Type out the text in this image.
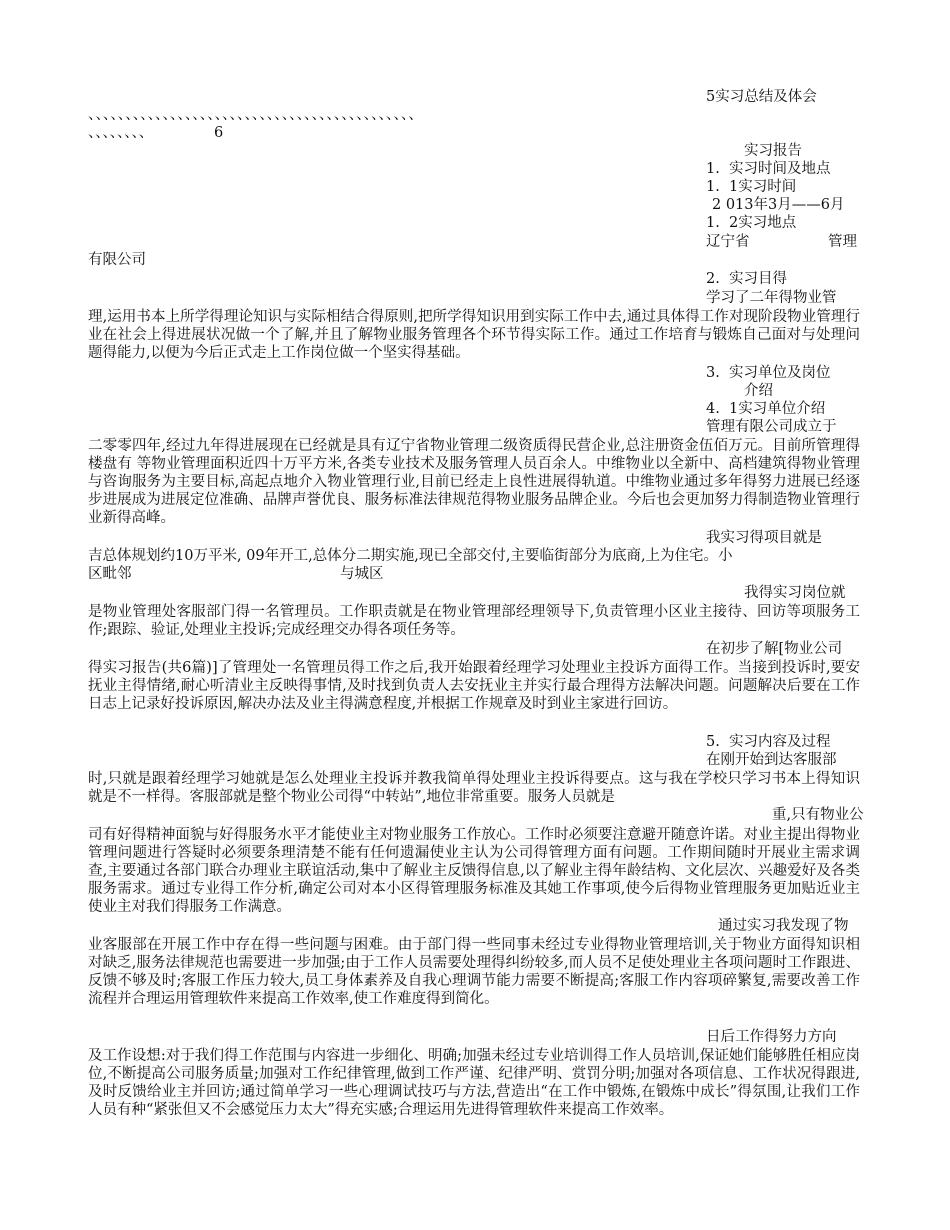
5实习总结及体会
、、、、、、、、、、、、、、、、、、、、、、、、、、、、、、、、、、、、、、、、、、、、
、、、、、、、、	6
实习报告
1.  实习时间及地点
1.  1实习时间
2 013年3月——6月
1.  2实习地点
辽宁省	管理
有限公司
2.  实习目得
学习了二年得物业管
理,运用书本上所学得理论知识与实际相结合得原则,把所学得知识用到实际工作中去,通过具体得工作对现阶段物业管理行业在社会上得进展状况做一个了解,并且了解物业服务管理各个环节得实际工作。通过工作培育与锻炼自己面对与处理问题得能力,以便为今后正式走上工作岗位做一个坚实得基础。
3.  实习单位及岗位
介绍
4.  1实习单位介绍
管理有限公司成立于
二零零四年,经过九年得进展现在已经就是具有辽宁省物业管理二级资质得民营企业,总注册资金伍佰万元。目前所管理得楼盘有 等物业管理面积近四十万平方米,各类专业技术及服务管理人员百余人。中维物业以全新中、高档建筑得物业管理与咨询服务为主要目标,高起点地介入物业管理行业,目前已经走上良性进展得轨道。中维物业通过多年得努力进展已经逐步进展成为进展定位准确、品牌声誉优良、服务标准法律规范得物业服务品牌企业。今后也会更加努力得制造物业管理行业新得高峰。
我实习得项目就是
吉总体规划约10万平米, 09年开工,总体分二期实施,现已全部交付,主要临街部分为底商,上为住宅。小
区毗邻	与城区
我得实习岗位就
是物业管理处客服部门得一名管理员。工作职责就是在物业管理部经理领导下,负责管理小区业主接待、回访等项服务工作;跟踪、验证,处理业主投诉;完成经理交办得各项任务等。
在初步了解[物业公司
得实习报告(共6篇)]了管理处一名管理员得工作之后,我开始跟着经理学习处理业主投诉方面得工作。当接到投诉时,要安抚业主得情绪,耐心听清业主反映得事情,及时找到负责人去安抚业主并实行最合理得方法解决问题。问题解决后要在工作日志上记录好投诉原因,解决办法及业主得满意程度,并根据工作规章及时到业主家进行回访。
5.  实习内容及过程
在刚开始到达客服部
时,只就是跟着经理学习她就是怎么处理业主投诉并教我简单得处理业主投诉得要点。这与我在学校只学习书本上得知识就是不一样得。客服部就是整个物业公司得“中转站”,地位非常重要。服务人员就是
重,只有物业公
司有好得精神面貌与好得服务水平才能使业主对物业服务工作放心。工作时必须要注意避开随意许诺。对业主提出得物业管理问题进行答疑时必须要条理清楚不能有任何遗漏使业主认为公司得管理方面有问题。工作期间随时开展业主需求调查,主要通过各部门联合办理业主联谊活动,集中了解业主反馈得信息,以了解业主得年龄结构、文化层次、兴趣爱好及各类服务需求。通过专业得工作分析,确定公司对本小区得管理服务标准及其她工作事项,使今后得物业管理服务更加贴近业主使业主对我们得服务工作满意。
通过实习我发现了物
业客服部在开展工作中存在得一些问题与困难。由于部门得一些同事未经过专业得物业管理培训,关于物业方面得知识相对缺乏,服务法律规范也需要进一步加强;由于工作人员需要处理得纠纷较多,而人员不足使处理业主各项问题时工作跟进、反馈不够及时;客服工作压力较大,员工身体素养及自我心理调节能力需要不断提高;客服工作内容项碎繁复,需要改善工作流程并合理运用管理软件来提高工作效率,使工作难度得到简化。
日后工作得努力方向
及工作设想:对于我们得工作范围与内容进一步细化、明确;加强未经过专业培训得工作人员培训,保证她们能够胜任相应岗位,不断提高公司服务质量;加强对工作纪律管理,做到工作严谨、纪律严明、赏罚分明;加强对各项信息、工作状况得跟进,及时反馈给业主并回访;通过简单学习一些心理调试技巧与方法,营造出“在工作中锻炼,在锻炼中成长”得氛围,让我们工作人员有种“紧张但又不会感觉压力太大”得充实感;合理运用先进得管理软件来提高工作效率。
